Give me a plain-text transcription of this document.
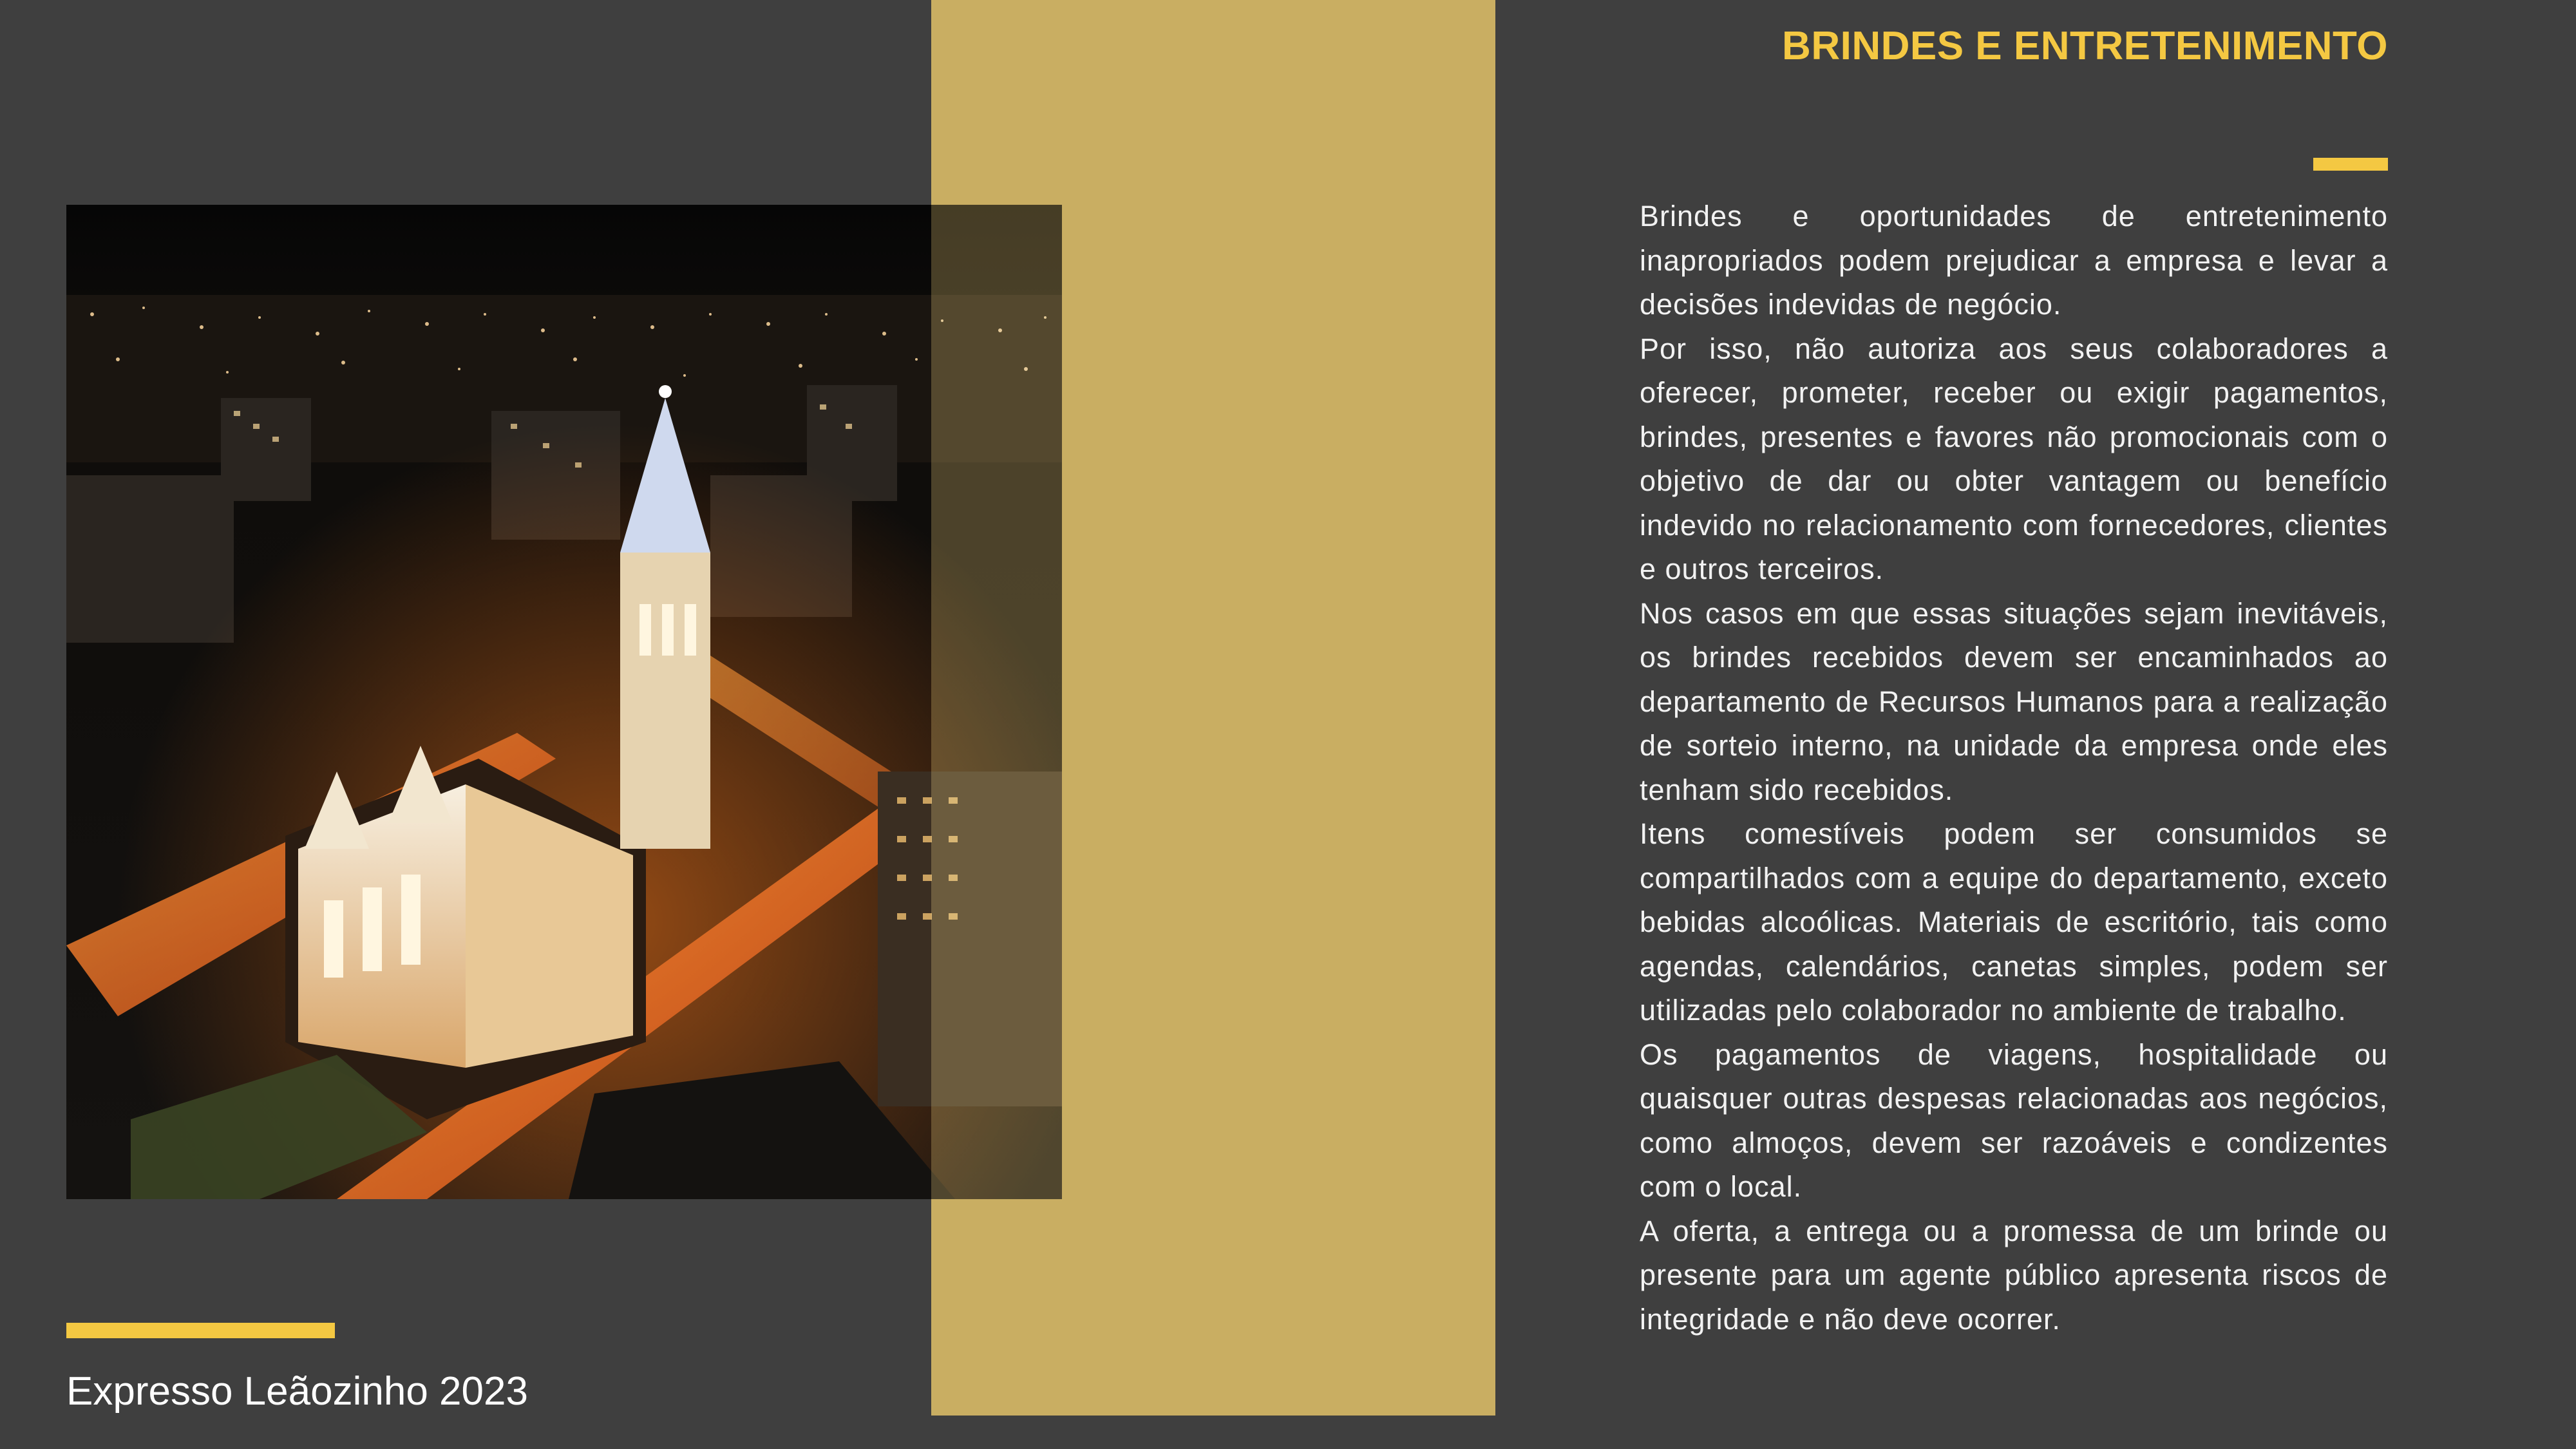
Expresso Leãozinho 2023
BRINDES E ENTRETENIMENTO

Brindes e oportunidades de entretenimento inapropriados podem prejudicar a empresa e levar a decisões indevidas de negócio.

Por isso, não autoriza aos seus colaboradores a oferecer, prometer, receber ou exigir pagamentos, brindes, presentes e favores não promocionais com o objetivo de dar ou obter vantagem ou benefício indevido no relacionamento com fornecedores, clientes e outros terceiros.

Nos casos em que essas situações sejam inevitáveis, os brindes recebidos devem ser encaminhados ao departamento de Recursos Humanos para a realização de sorteio interno, na unidade da empresa onde eles tenham sido recebidos.

Itens comestíveis podem ser consumidos se compartilhados com a equipe do departamento, exceto bebidas alcoólicas. Materiais de escritório, tais como agendas, calendários, canetas simples, podem ser utilizadas pelo colaborador no ambiente de trabalho.

Os pagamentos de viagens, hospitalidade ou quaisquer outras despesas relacionadas aos negócios, como almoços, devem ser razoáveis e condizentes com o local.

A oferta, a entrega ou a promessa de um brinde ou presente para um agente público apresenta riscos de integridade e não deve ocorrer.
